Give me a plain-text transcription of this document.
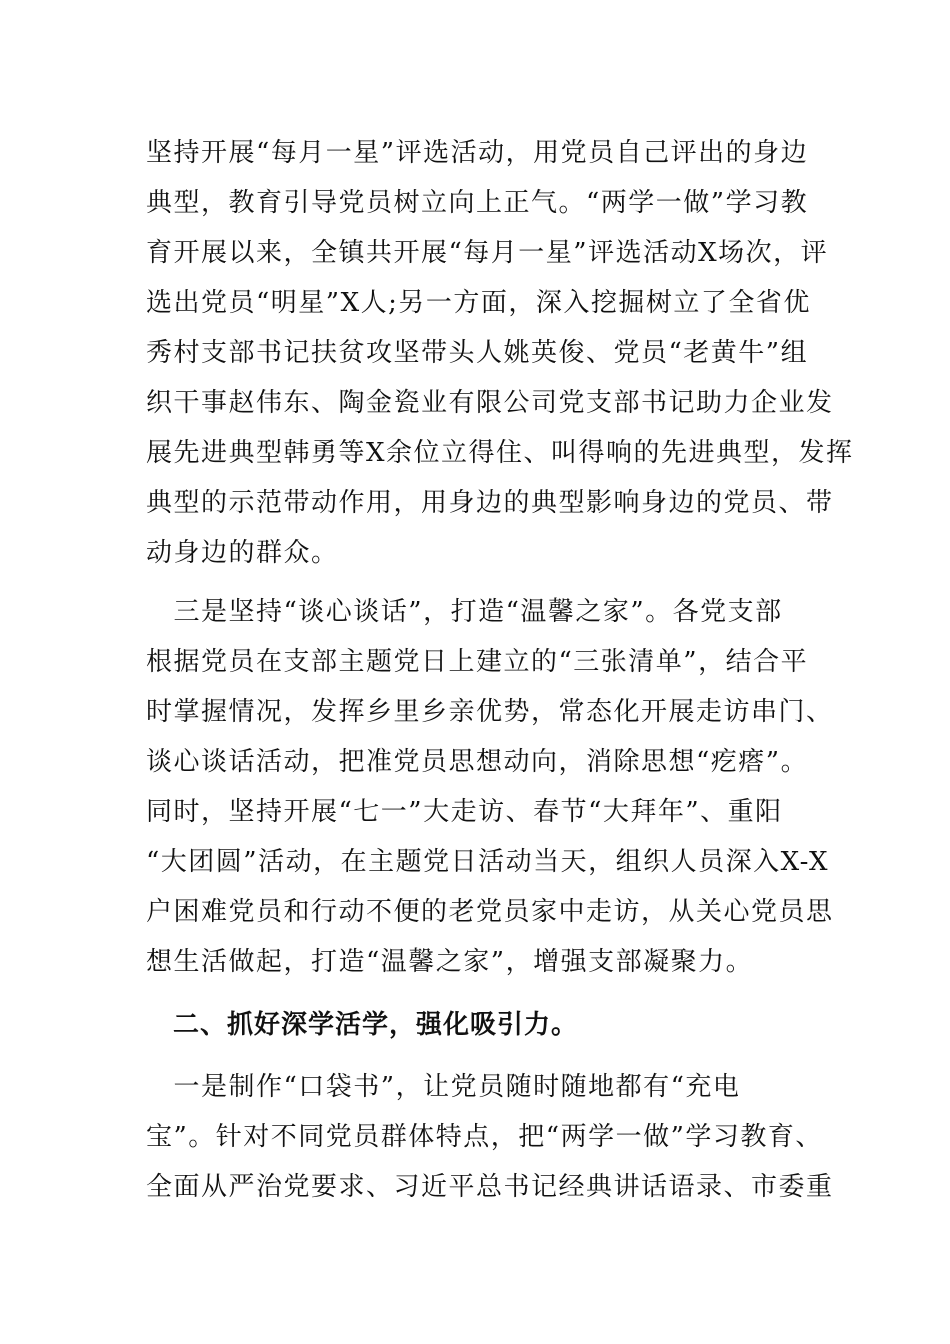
坚持开展“每月一星”评选活动，用党员自己评出的身边
典型，教育引导党员树立向上正气。“两学一做”学习教
育开展以来，全镇共开展“每月一星”评选活动X场次，评
选出党员“明星”X人;另一方面，深入挖掘树立了全省优
秀村支部书记扶贫攻坚带头人姚英俊、党员“老黄牛”组
织干事赵伟东、陶金瓷业有限公司党支部书记助力企业发
展先进典型韩勇等X余位立得住、叫得响的先进典型，发挥
典型的示范带动作用，用身边的典型影响身边的党员、带
动身边的群众。
　三是坚持“谈心谈话”，打造“温馨之家”。各党支部
根据党员在支部主题党日上建立的“三张清单”，结合平
时掌握情况，发挥乡里乡亲优势，常态化开展走访串门、
谈心谈话活动，把准党员思想动向，消除思想“疙瘩”。
同时，坚持开展“七一”大走访、春节“大拜年”、重阳
“大团圆”活动，在主题党日活动当天，组织人员深入X-X
户困难党员和行动不便的老党员家中走访，从关心党员思
想生活做起，打造“温馨之家”，增强支部凝聚力。
　二、抓好深学活学，强化吸引力。
　一是制作“口袋书”，让党员随时随地都有“充电
宝”。针对不同党员群体特点，把“两学一做”学习教育、
全面从严治党要求、习近平总书记经典讲话语录、市委重
